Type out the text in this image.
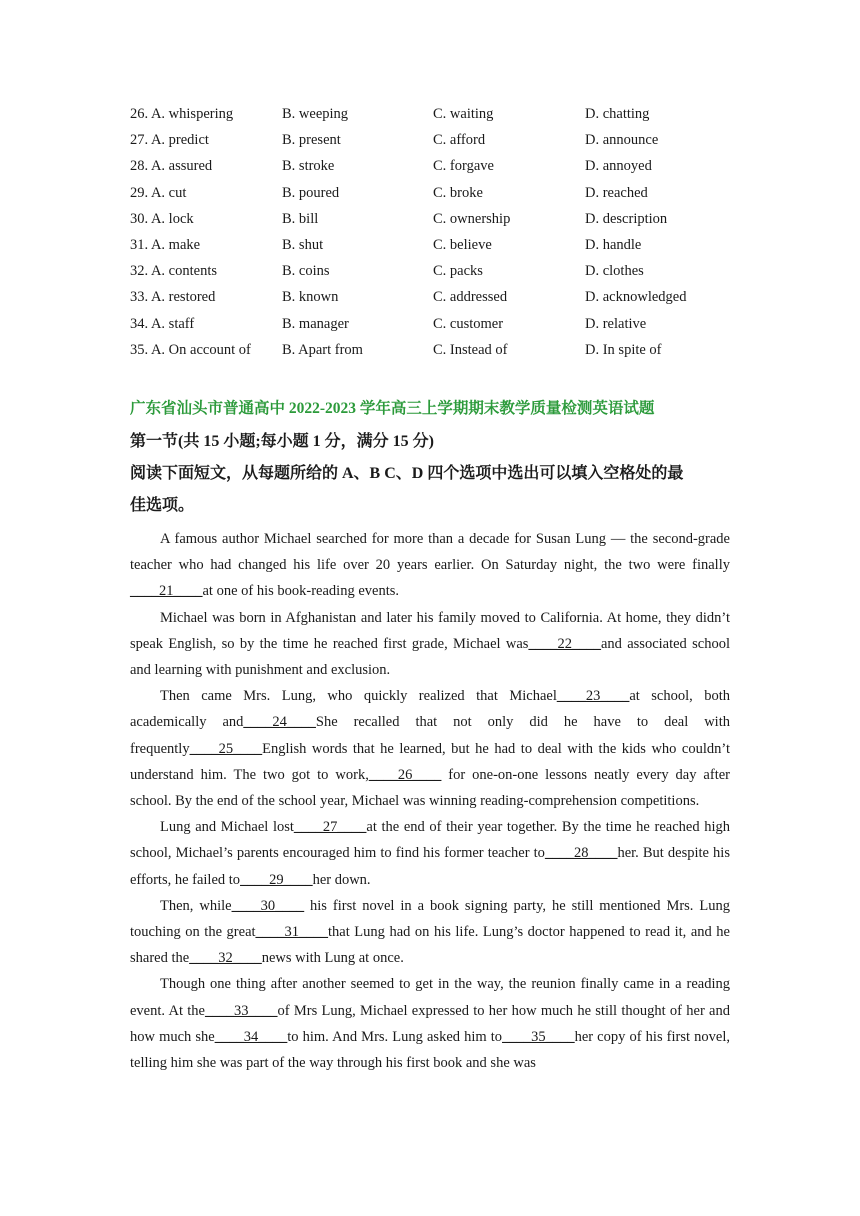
26. A. whispering	B. weeping	C. waiting	D. chatting
27. A. predict	B. present	C. afford	D. announce
28. A. assured	B. stroke	C. forgave	D. annoyed
29. A. cut	B. poured	C. broke	D. reached
30. A. lock	B. bill	C. ownership	D. description
31. A. make	B. shut	C. believe	D. handle
32. A. contents	B. coins	C. packs	D. clothes
33. A. restored	B. known	C. addressed	D. acknowledged
34. A. staff	B. manager	C. customer	D. relative
35. A. On account of	B. Apart from	C. Instead of	D. In spite of
广东省汕头市普通高中 2022-2023 学年高三上学期期末教学质量检测英语试题
第一节(共 15 小题;每小题 1 分，满分 15 分)
阅读下面短文，从每题所给的 A、B C、D 四个选项中选出可以填入空格处的最
佳选项。

A famous author Michael searched for more than a decade for Susan Lung — the second-grade teacher who had changed his life over 20 years earlier. On Saturday night, the two were finally ____21____at one of his book-reading events.

Michael was born in Afghanistan and later his family moved to California. At home, they didn’t speak English, so by the time he reached first grade, Michael was____22____and associated school and learning with punishment and exclusion.

Then came Mrs. Lung, who quickly realized that Michael____23____at school, both academically and____24____She recalled that not only did he have to deal with frequently____25____English words that he learned, but he had to deal with the kids who couldn’t understand him. The two got to work,____26____ for one-on-one lessons neatly every day after school. By the end of the school year, Michael was winning reading-comprehension competitions.

Lung and Michael lost____27____at the end of their year together. By the time he reached high school, Michael’s parents encouraged him to find his former teacher to____28____her. But despite his efforts, he failed to____29____her down.

Then, while____30____ his first novel in a book signing party, he still mentioned Mrs. Lung touching on the great____31____that Lung had on his life. Lung’s doctor happened to read it, and he shared the____32____news with Lung at once.

Though one thing after another seemed to get in the way, the reunion finally came in a reading event. At the____33____of Mrs Lung, Michael expressed to her how much he still thought of her and how much she____34____to him. And Mrs. Lung asked him to____35____her copy of his first novel, telling him she was part of the way through his first book and she was
